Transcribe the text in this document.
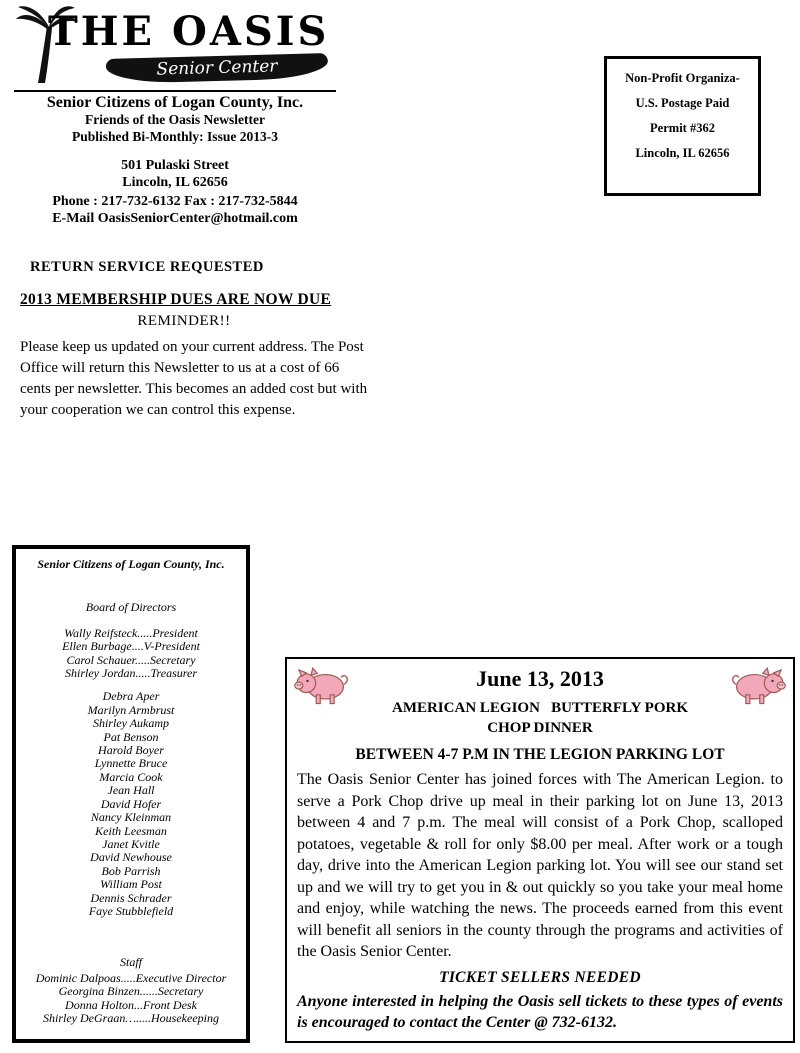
THE OASIS
Senior Center
Senior Citizens of Logan County, Inc.
Friends of the Oasis Newsletter
Published Bi-Monthly: Issue 2013-3
501 Pulaski Street
Lincoln, IL 62656
Phone : 217-732-6132 Fax : 217-732-5844
E-Mail OasisSeniorCenter@hotmail.com
Non-Profit Organiza-
U.S. Postage Paid
Permit #362
Lincoln, IL 62656
RETURN SERVICE REQUESTED
2013 MEMBERSHIP DUES ARE NOW DUE
REMINDER!!
Please keep us updated on your current address. The Post Office will return this Newsletter to us at a cost of 66 cents per newsletter. This becomes an added cost but with your cooperation we can control this expense.
Senior Citizens of Logan County, Inc.
Board of Directors
Wally Reifsteck.....President
Ellen Burbage....V-President
Carol Schauer.....Secretary
Shirley Jordan.....Treasurer
Debra Aper
Marilyn Armbrust
Shirley Aukamp
Pat Benson
Harold Boyer
Lynnette Bruce
Marcia Cook
Jean Hall
David Hofer
Nancy Kleinman
Keith Leesman
Janet Kvitle
David Newhouse
Bob Parrish
William Post
Dennis Schrader
Faye Stubblefield
Staff
Dominic Dalpoas.....Executive Director
Georgina Binzen......Secretary
Donna Holton...Front Desk
Shirley DeGraan….....Housekeeping
June 13, 2013
AMERICAN LEGION   BUTTERFLY PORK
CHOP DINNER
BETWEEN 4-7 P.M IN THE LEGION PARKING LOT
The Oasis Senior Center has joined forces with The American Legion. to serve a Pork Chop drive up meal in their parking lot on June 13, 2013 between 4 and 7 p.m. The meal will consist of a Pork Chop, scalloped potatoes, vegetable & roll for only $8.00 per meal. After work or a tough day, drive into the American Legion parking lot. You will see our stand set up and we will try to get you in & out quickly so you take your meal home and enjoy, while watching the news. The proceeds earned from this event will benefit all seniors in the county through the programs and activities of the Oasis Senior Center.
TICKET SELLERS NEEDED
Anyone interested in helping the Oasis sell tickets to these types of events is encouraged to contact the Center @ 732-6132.
